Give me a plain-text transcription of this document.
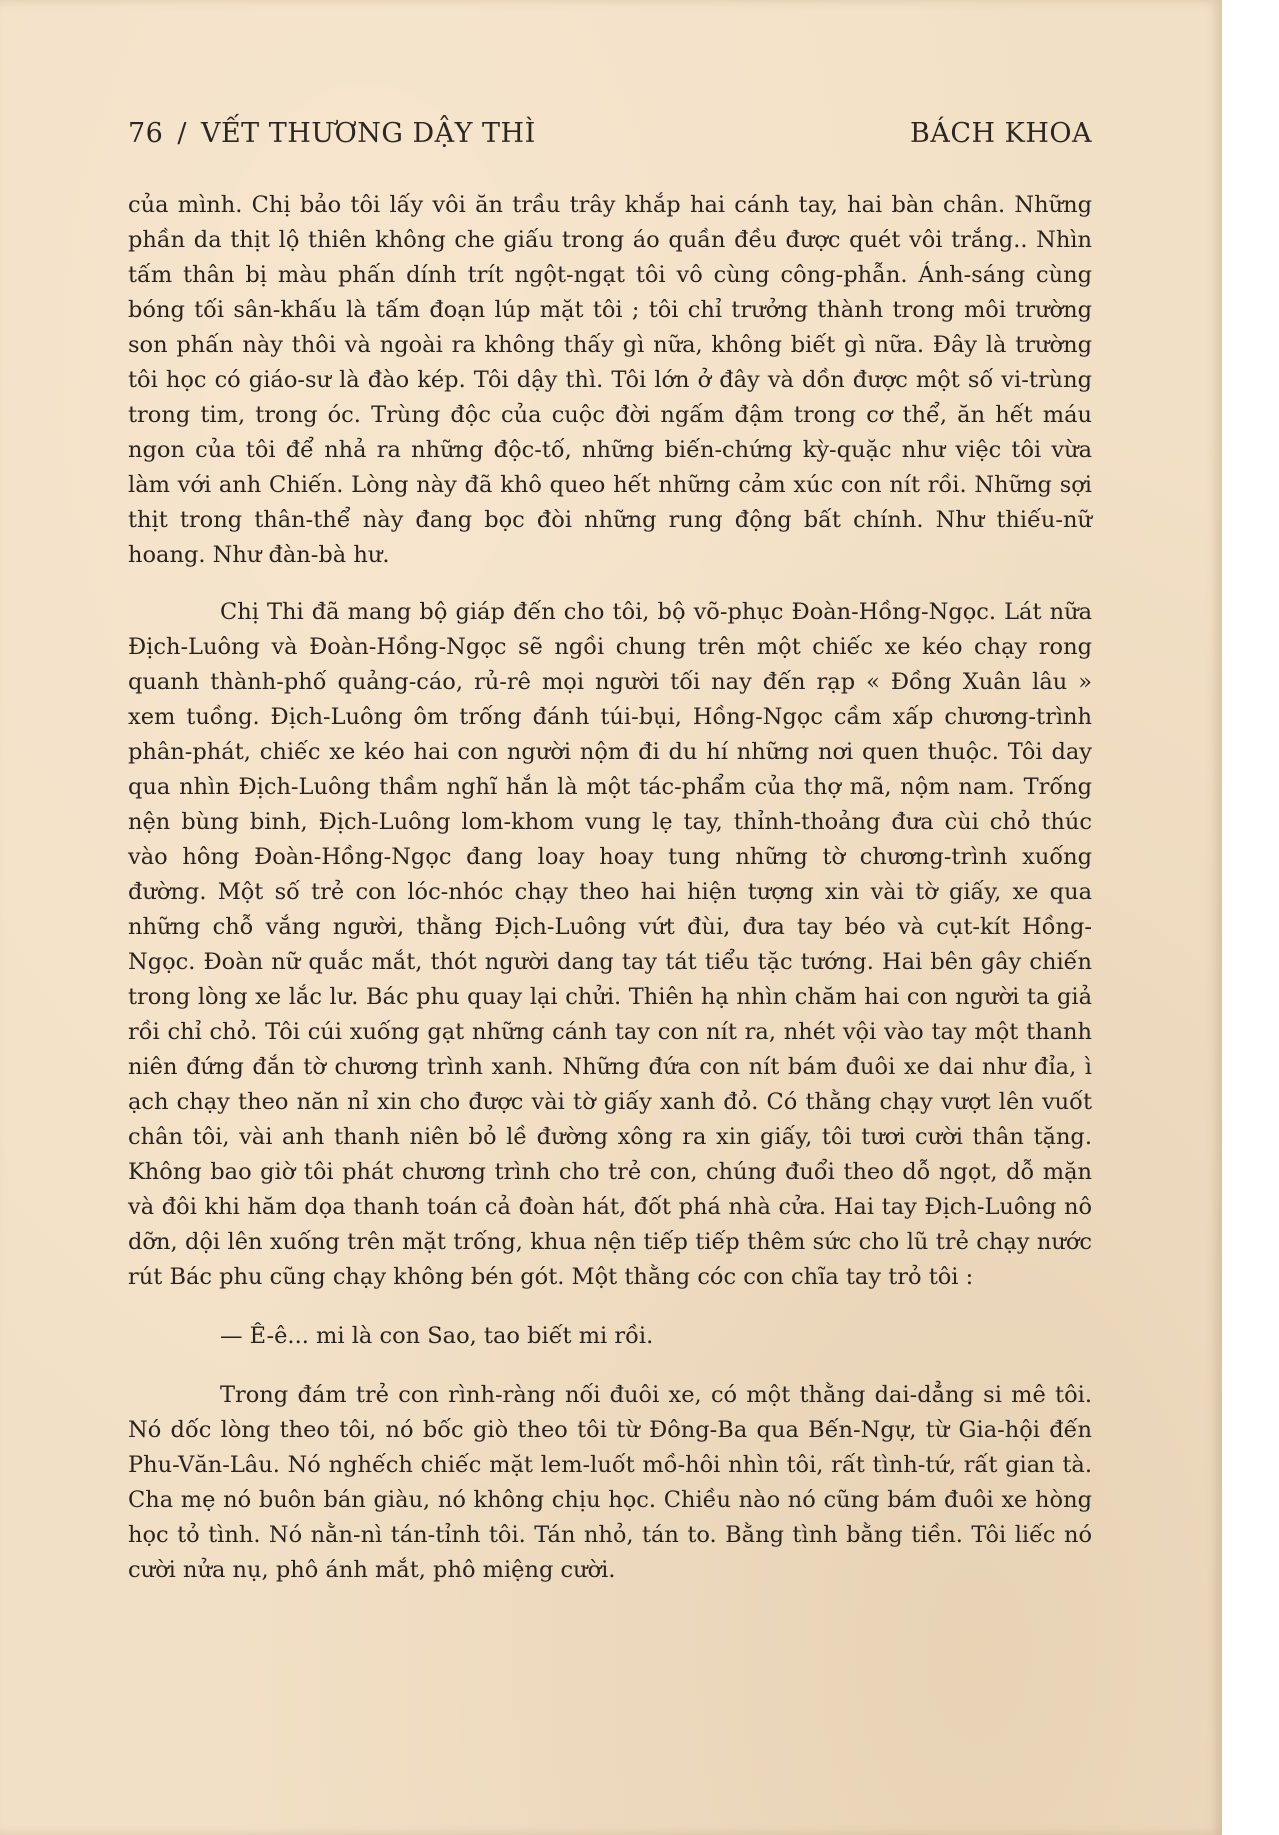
76 / VẾT THƯƠNG DẬY THÌ	BÁCH KHOA

của mình. Chị bảo tôi lấy vôi ăn trầu trây khắp hai cánh tay, hai bàn chân. Những phần da thịt lộ thiên không che giấu trong áo quần đều được quét vôi trắng.. Nhìn tấm thân bị màu phấn dính trít ngột-ngạt tôi vô cùng công-phẫn. Ánh-sáng cùng bóng tối sân-khấu là tấm đoạn lúp mặt tôi ; tôi chỉ trưởng thành trong môi trường son phấn này thôi và ngoài ra không thấy gì nữa, không biết gì nữa. Đây là trường tôi học có giáo-sư là đào kép. Tôi dậy thì. Tôi lớn ở đây và dồn được một số vi-trùng trong tim, trong óc. Trùng độc của cuộc đời ngấm đậm trong cơ thể, ăn hết máu ngon của tôi để nhả ra những độc-tố, những biến-chứng kỳ-quặc như việc tôi vừa làm với anh Chiến. Lòng này đã khô queo hết những cảm xúc con nít rồi. Những sợi thịt trong thân-thể này đang bọc đòi những rung động bất chính. Như thiếu-nữ hoang. Như đàn-bà hư.

Chị Thi đã mang bộ giáp đến cho tôi, bộ võ-phục Đoàn-Hồng-Ngọc. Lát nữa Địch-Luông và Đoàn-Hồng-Ngọc sẽ ngồi chung trên một chiếc xe kéo chạy rong quanh thành-phố quảng-cáo, rủ-rê mọi người tối nay đến rạp « Đồng Xuân lâu » xem tuồng. Địch-Luông ôm trống đánh túi-bụi, Hồng-Ngọc cầm xấp chương-trình phân-phát, chiếc xe kéo hai con người nộm đi du hí những nơi quen thuộc. Tôi day qua nhìn Địch-Luông thầm nghĩ hắn là một tác-phẩm của thợ mã, nộm nam. Trống nện bùng binh, Địch-Luông lom-khom vung lẹ tay, thỉnh-thoảng đưa cùi chỏ thúc vào hông Đoàn-Hồng-Ngọc đang loay hoay tung những tờ chương-trình xuống đường. Một số trẻ con lóc-nhóc chạy theo hai hiện tượng xin vài tờ giấy, xe qua những chỗ vắng người, thằng Địch-Luông vứt đùi, đưa tay béo và cụt-kít Hồng-Ngọc. Đoàn nữ quắc mắt, thót người dang tay tát tiểu tặc tướng. Hai bên gây chiến trong lòng xe lắc lư. Bác phu quay lại chửi. Thiên hạ nhìn chăm hai con người ta giả rồi chỉ chỏ. Tôi cúi xuống gạt những cánh tay con nít ra, nhét vội vào tay một thanh niên đứng đắn tờ chương trình xanh. Những đứa con nít bám đuôi xe dai như đỉa, ì ạch chạy theo năn nỉ xin cho được vài tờ giấy xanh đỏ. Có thằng chạy vượt lên vuốt chân tôi, vài anh thanh niên bỏ lề đường xông ra xin giấy, tôi tươi cười thân tặng. Không bao giờ tôi phát chương trình cho trẻ con, chúng đuổi theo dỗ ngọt, dỗ mặn và đôi khi hăm dọa thanh toán cả đoàn hát, đốt phá nhà cửa. Hai tay Địch-Luông nô dỡn, dội lên xuống trên mặt trống, khua nện tiếp tiếp thêm sức cho lũ trẻ chạy nước rút Bác phu cũng chạy không bén gót. Một thằng cóc con chĩa tay trỏ tôi :

— Ê-ê... mi là con Sao, tao biết mi rồi.

Trong đám trẻ con rình-ràng nối đuôi xe, có một thằng dai-dẳng si mê tôi. Nó dốc lòng theo tôi, nó bốc giò theo tôi từ Đông-Ba qua Bến-Ngự, từ Gia-hội đến Phu-Văn-Lâu. Nó nghếch chiếc mặt lem-luốt mồ-hôi nhìn tôi, rất tình-tứ, rất gian tà. Cha mẹ nó buôn bán giàu, nó không chịu học. Chiều nào nó cũng bám đuôi xe hòng học tỏ tình. Nó nằn-nì tán-tỉnh tôi. Tán nhỏ, tán to. Bằng tình bằng tiền. Tôi liếc nó cười nửa nụ, phô ánh mắt, phô miệng cười.
